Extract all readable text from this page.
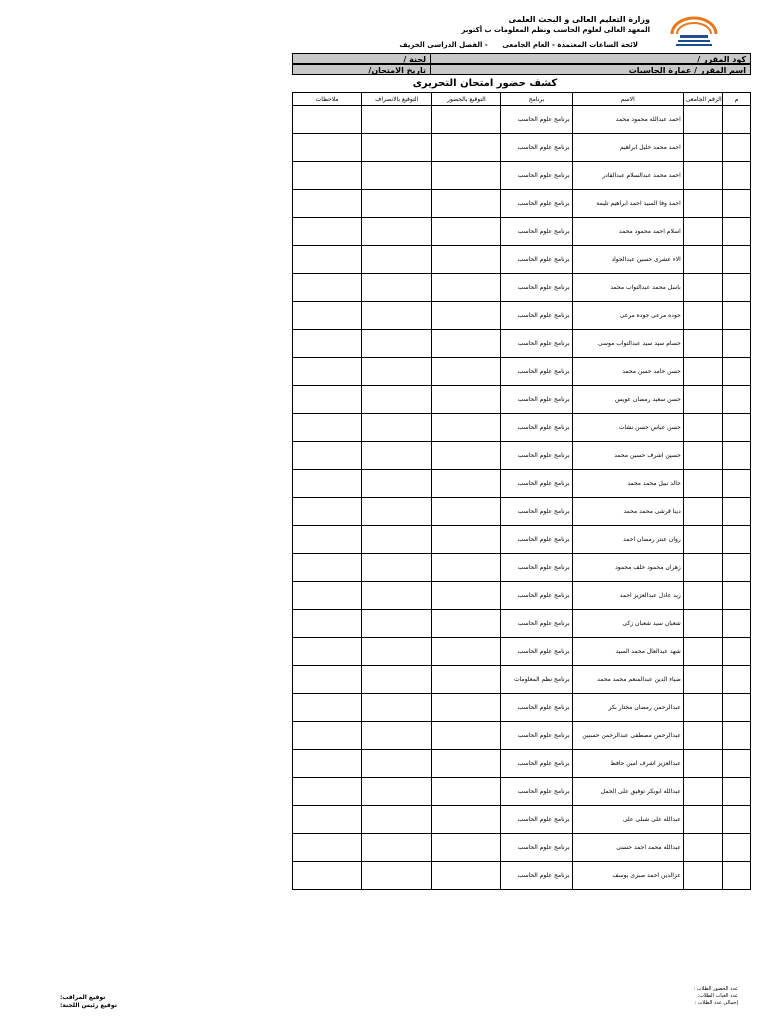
وزارة التعليم العالى و البحث العلمى
المعهد العالى لعلوم الحاسب ونظم المعلومات ب أكتوبر
لائحة الساعات المعتمدة - العام الجامعى      - الفصل الدراسى الخريف
كود المقرر /
اسم المقرر / عمارة الحاسبات
لجنة /
تاريخ الامتحان/
كشف حضور امتحان التحريرى
ملاحظات	التوقيع بالانصراف	التوقيع بالحضور	برنامج	الاسم	الرقم الجامعى	م
			برنامج علوم الحاسب	احمد عبدالله محمود محمد		
			برنامج علوم الحاسب	احمد محمد خليل ابراهيم		
			برنامج علوم الحاسب	احمد محمد عبدالسلام عبدالقادر		
			برنامج علوم الحاسب	احمد وفا السيد احمد ابراهيم تليمة		
			برنامج علوم الحاسب	اسلام احمد محمود محمد		
			برنامج علوم الحاسب	الاء عشرى حسين عبدالجواد		
			برنامج علوم الحاسب	باسل محمد عبدالتواب محمد		
			برنامج علوم الحاسب	جوده مرعى جوده مرعى		
			برنامج علوم الحاسب	حسام سيد سيد عبدالتواب موسى		
			برنامج علوم الحاسب	حسن حامد حسن محمد		
			برنامج علوم الحاسب	حسن سعيد رمضان عويس		
			برنامج علوم الحاسب	حسن عباس حسن نشات		
			برنامج علوم الحاسب	حسين اشرف حسين محمد		
			برنامج علوم الحاسب	خالد نبيل محمد محمد		
			برنامج علوم الحاسب	دينا قرشى محمد محمد		
			برنامج علوم الحاسب	روان عنتر رمضان احمد		
			برنامج علوم الحاسب	زهران محمود خلف محمود		
			برنامج علوم الحاسب	زيد عادل عبدالعزيز احمد		
			برنامج علوم الحاسب	شعبان سيد شعبان زكى		
			برنامج علوم الحاسب	شهد عبدالعال محمد السيد		
			برنامج نظم المعلومات	ضياء الدين عبدالمنعم محمد محمد		
			برنامج علوم الحاسب	عبدالرحمن رمضان مختار بكر		
			برنامج علوم الحاسب	عبدالرحمن مصطفى عبدالرحمن حسنين		
			برنامج علوم الحاسب	عبدالعزيز اشرف امين حافظ		
			برنامج علوم الحاسب	عبدالله ابوبكر توفيق على الجمل		
			برنامج علوم الحاسب	عبدالله على شبلى على		
			برنامج علوم الحاسب	عبدالله محمد احمد حسنى		
			برنامج علوم الحاسب	عزالدين احمد صبرى يوسف		
توقيع المراقب:
توقيع رئيس اللجنة:
عدد الحضور الطلاب :
عدد الغياب الطلاب:
إجمالى عدد الطلاب :
